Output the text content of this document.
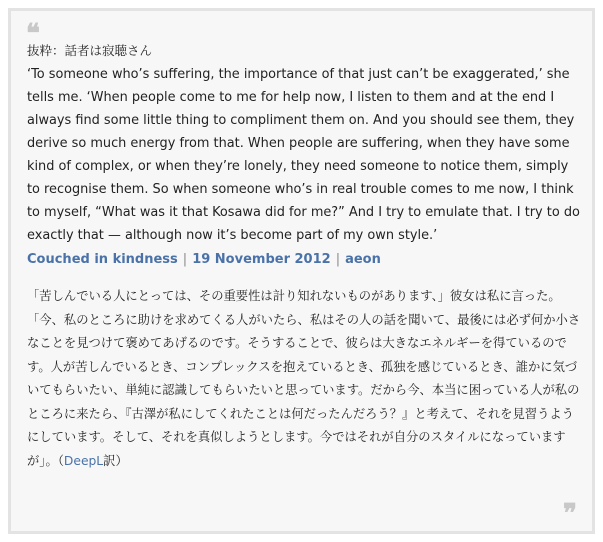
❝

抜粋：話者は寂聴さん

‘To someone who’s suffering, the importance of that just can’t be exaggerated,’ she tells me. ‘When people come to me for help now, I listen to them and at the end I always find some little thing to compliment them on. And you should see them, they derive so much energy from that. When people are suffering, when they have some kind of complex, or when they’re lonely, they need someone to notice them, simply to recognise them. So when someone who’s in real trouble comes to me now, I think to myself, “What was it that Kosawa did for me?” And I try to emulate that. I try to do exactly that — although now it’s become part of my own style.’

Couched in kindness | 19 November 2012 | aeon

「苦しんでいる人にとっては、その重要性は計り知れないものがあります、」彼女は私に言った。「今、私のところに助けを求めてくる人がいたら、私はその人の話を聞いて、最後には必ず何か小さなことを見つけて褒めてあげるのです。そうすることで、彼らは大きなエネルギーを得ているのです。人が苦しんでいるとき、コンプレックスを抱えているとき、孤独を感じているとき、誰かに気づいてもらいたい、単純に認識してもらいたいと思っています。だから今、本当に困っている人が私のところに来たら、『古澤が私にしてくれたことは何だったんだろう？』と考えて、それを見習うようにしています。そして、それを真似しようとします。今ではそれが自分のスタイルになっていますが」。（DeepL訳）

❞
